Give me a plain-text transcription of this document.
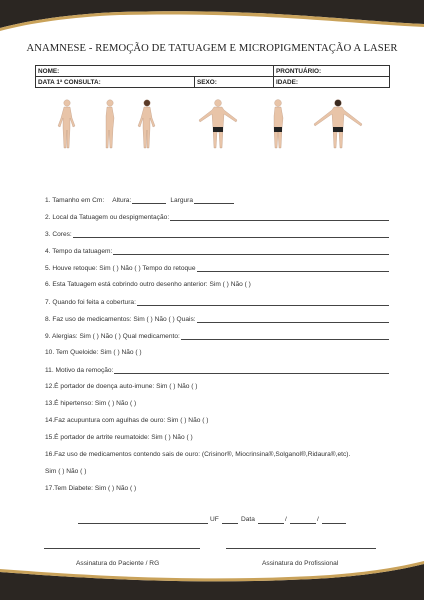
ANAMNESE - REMOÇÃO DE TATUAGEM E MICROPIGMENTAÇÃO A LASER
NOME:		PRONTUÁRIO:
DATA 1ª CONSULTA:	SEXO:	IDADE:
1. Tamanho em Cm: Altura:	Largura
2. Local da Tatuagem ou despigmentação:
3. Cores:
4. Tempo da tatuagem:
5. Houve retoque: Sim ( ) Não ( ) Tempo do retoque
6. Esta Tatuagem está cobrindo outro desenho anterior: Sim ( ) Não ( )
7. Quando foi feita a cobertura:
8. Faz uso de medicamentos: Sim ( ) Não ( ) Quais:
9. Alergias: Sim ( ) Não ( ) Qual medicamento:
10. Tem Queloide: Sim ( ) Não ( )
11. Motivo da remoção:
12.É portador de doença auto-imune: Sim ( ) Não ( )
13.É hipertenso: Sim ( ) Não ( )
14.Faz acupuntura com agulhas de ouro: Sim ( ) Não ( )
15.É portador de artrite reumatoide: Sim ( ) Não ( )
16.Faz uso de medicamentos contendo sais de ouro: (Crisinor®, Miocrinsina®,Solganol®,Ridaura®,etc).
Sim ( ) Não ( )
17.Tem Diabete: Sim ( ) Não ( )
UF	Data	/	/
Assinatura do Paciente / RG	Assinatura do Profissional
